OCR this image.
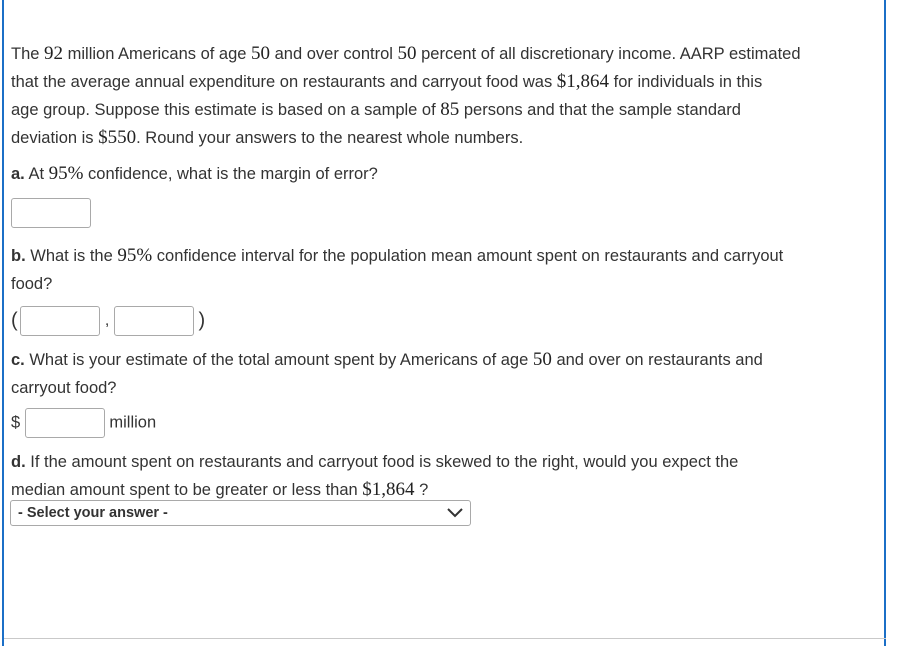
The 92 million Americans of age 50 and over control 50 percent of all discretionary income. AARP estimated
that the average annual expenditure on restaurants and carryout food was $1,864 for individuals in this
age group. Suppose this estimate is based on a sample of 85 persons and that the sample standard
deviation is $550. Round your answers to the nearest whole numbers.
a. At 95% confidence, what is the margin of error?
b. What is the 95% confidence interval for the population mean amount spent on restaurants and carryout
food?
(	,	)
c. What is your estimate of the total amount spent by Americans of age 50 and over on restaurants and
carryout food?
$	million
d. If the amount spent on restaurants and carryout food is skewed to the right, would you expect the
median amount spent to be greater or less than $1,864 ?
- Select your answer -
